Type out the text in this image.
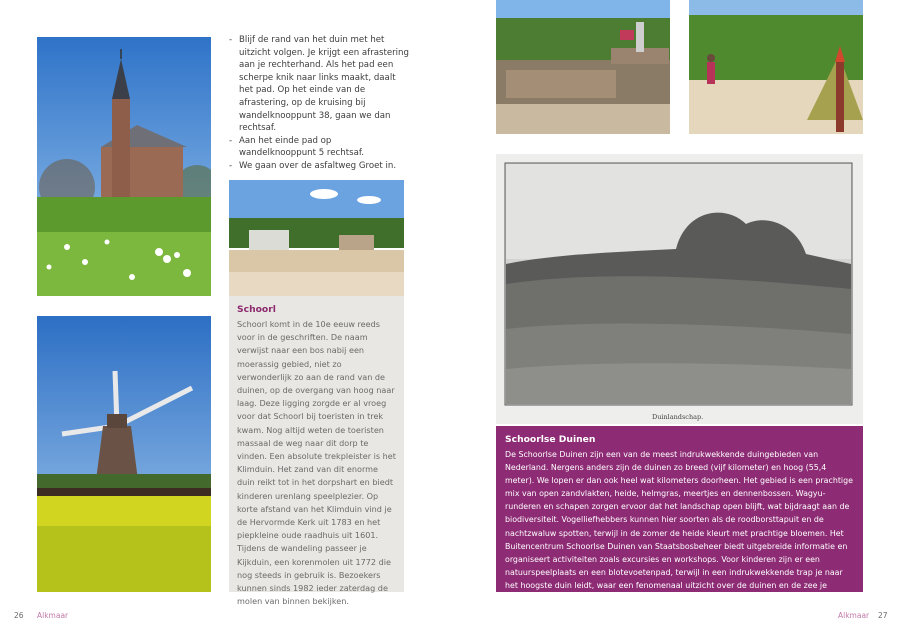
Duinlandschap.
- Blijf de rand van het duin met het uitzicht volgen. Je krijgt een afrastering aan je rechterhand. Als het pad een scherpe knik naar links maakt, daalt het pad. Op het einde van de afrastering, op de kruising bij wandelknooppunt 38, gaan we dan rechtsaf.
- Aan het einde pad op wandelknooppunt 5 rechtsaf.
- We gaan over de asfaltweg Groet in.
Schoorl

Schoorl komt in de 10e eeuw reeds voor in de geschriften. De naam verwijst naar een bos nabij een moerassig gebied, niet zo verwonderlijk zo aan de rand van de duinen, op de overgang van hoog naar laag. Deze ligging zorgde er al vroeg voor dat Schoorl bij toeristen in trek kwam. Nog altijd weten de toeristen massaal de weg naar dit dorp te vinden. Een absolute trekpleister is het Klimduin. Het zand van dit enorme duin reikt tot in het dorpshart en biedt kinderen urenlang speelplezier. Op korte afstand van het Klimduin vind je de Hervormde Kerk uit 1783 en het piepkleine oude raadhuis uit 1601. Tijdens de wandeling passeer je Kijkduin, een korenmolen uit 1772 die nog steeds in gebruik is. Bezoekers kunnen sinds 1982 ieder zaterdag de molen van binnen bekijken.

Schoorlse Duinen

De Schoorlse Duinen zijn een van de meest indrukwekkende duingebieden van Nederland. Nergens anders zijn de duinen zo breed (vijf kilometer) en hoog (55,4 meter). We lopen er dan ook heel wat kilometers doorheen. Het gebied is een prachtige mix van open zandvlakten, heide, helmgras, meertjes en dennenbossen. Wagyu-runderen en schapen zorgen ervoor dat het landschap open blijft, wat bijdraagt aan de biodiversiteit. Vogelliefhebbers kunnen hier soorten als de roodborsttapuit en de nachtzwaluw spotten, terwijl in de zomer de heide kleurt met prachtige bloemen. Het Buitencentrum Schoorlse Duinen van Staatsbosbeheer biedt uitgebreide informatie en organiseert activiteiten zoals excursies en workshops. Voor kinderen zijn er een natuurspeelplaats en een blotevoetenpad, terwijl in een indrukwekkende trap je naar het hoogste duin leidt, waar een fenomenaal uitzicht over de duinen en de zee je beloont.

26 Alkmaar	Alkmaar 27
